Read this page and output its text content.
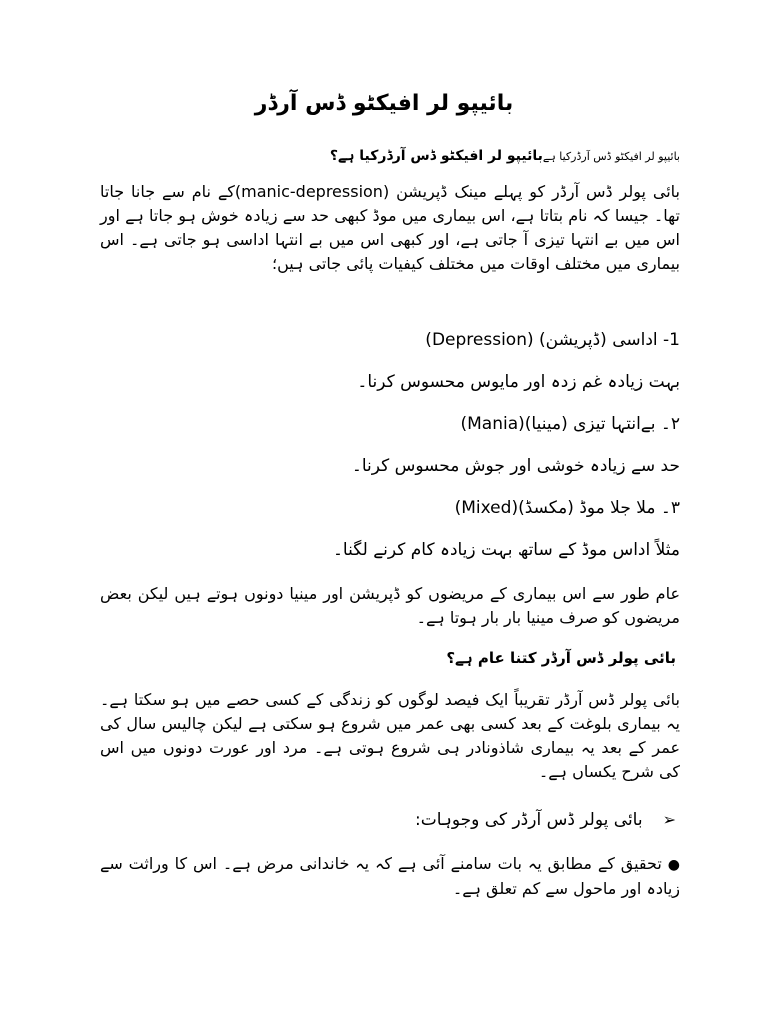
بائیپو لر افیکٹو ڈس آرڈر
بائیپو لر افیکٹو ڈس آرڈرکیا ہےبائیپو لر افیکٹو ڈس آرڈرکیا ہے؟
بائی پولر ڈس آرڈر کو پہلے مینک ڈپریشن (manic-depression)کے نام سے جانا جاتا تھا۔ جیسا کہ نام بتاتا ہے، اس بیماری میں موڈ کبھی حد سے زیادہ خوش ہو جاتا ہے اور اس میں بے انتہا تیزی آ جاتی ہے، اور کبھی اس میں بے انتہا اداسی ہو جاتی ہے۔ اس بیماری میں مختلف اوقات میں مختلف کیفیات پائی جاتی ہیں؛
1- اداسی (ڈپریشن) (Depression)
بہت زیادہ غم زدہ اور مایوس محسوس کرنا۔
۲۔ بےانتہا تیزی (مینیا)(Mania)
حد سے زیادہ خوشی اور جوش محسوس کرنا۔
۳۔ ملا جلا موڈ (مکسڈ)(Mixed)
مثلاً اداس موڈ کے ساتھ بہت زیادہ کام کرنے لگنا۔
عام طور سے اس بیماری کے مریضوں کو ڈپریشن اور مینیا دونوں ہوتے ہیں لیکن بعض مریضوں کو صرف مینیا بار بار ہوتا ہے۔
بائی پولر ڈس آرڈر کتنا عام ہے؟
بائی پولر ڈس آرڈر تقریباً ایک فیصد لوگوں کو زندگی کے کسی حصے میں ہو سکتا ہے۔ یہ بیماری بلوغت کے بعد کسی بھی عمر میں شروع ہو سکتی ہے لیکن چالیس سال کی عمر کے بعد یہ بیماری شاذونادر ہی شروع ہوتی ہے۔ مرد اور عورت دونوں میں اس کی شرح یکساں ہے۔
➢بائی پولر ڈس آرڈر کی وجوہات:
●تحقیق کے مطابق یہ بات سامنے آئی ہے کہ یہ خاندانی مرض ہے۔ اس کا وراثت سے زیادہ اور ماحول سے کم تعلق ہے۔
